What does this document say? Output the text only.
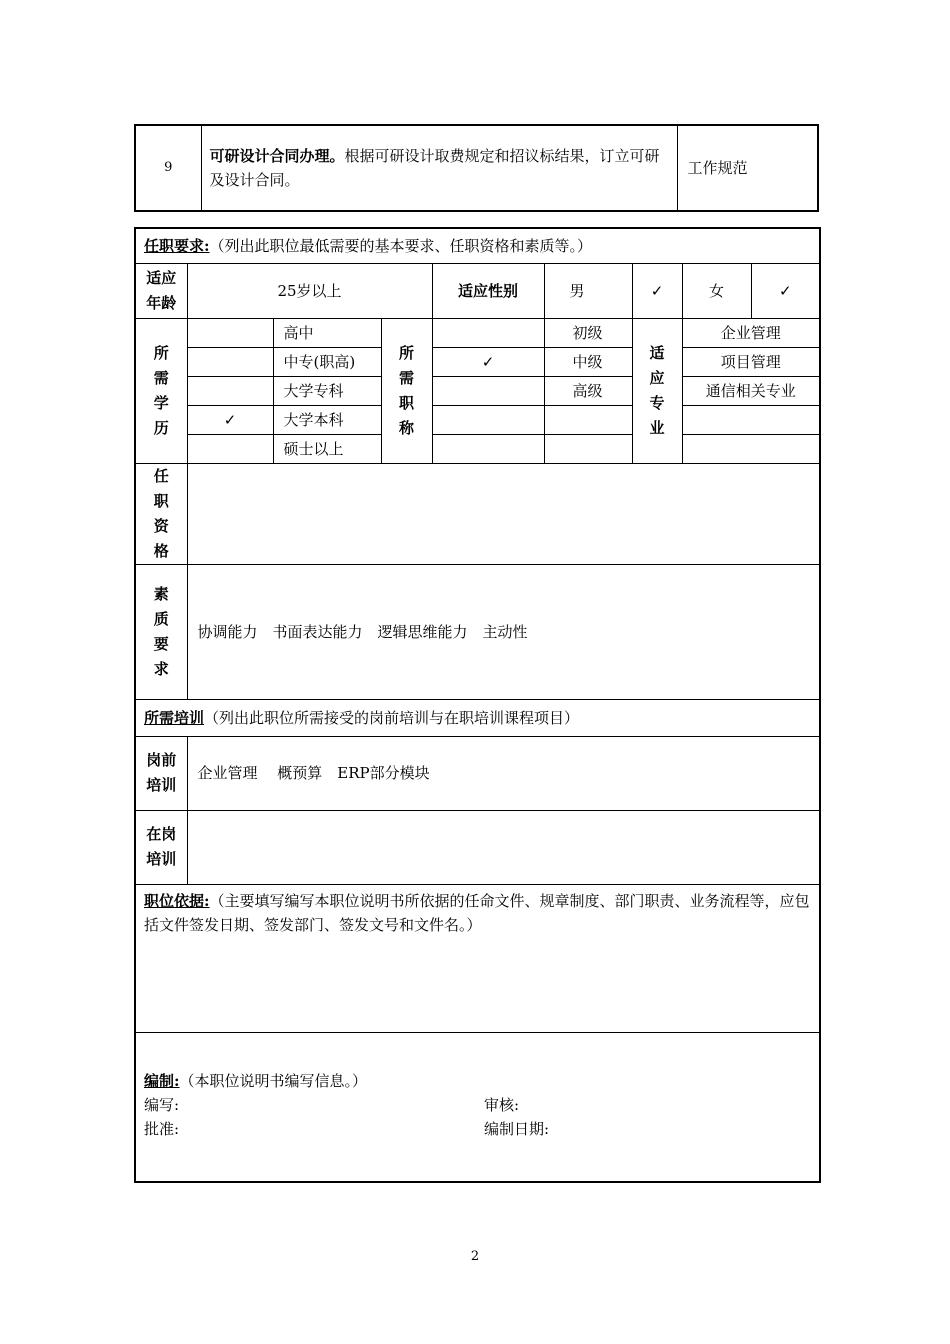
9	可研设计合同办理。根据可研设计取费规定和招议标结果，订立可研及设计合同。	工作规范
任职要求:（列出此职位最低需要的基本要求、任职资格和素质等。）								
适应年龄	25岁以上			适应性别	男	✓	女	✓

所需学历		高中	所需职称		初级	适应专业	企业管理	
		中专(职高)		✓	中级		项目管理	
		大学专科			高级		通信相关专业	
	✓	大学本科						
		硕士以上						

任职资格								

素质要求	协调能力　书面表达能力　逻辑思维能力　主动性							
所需培训（列出此职位所需接受的岗前培训与在职培训课程项目）								

岗前培训	企业管理　 概预算　ERP部分模块							

在岗培训								

职位依据:（主要填写编写本职位说明书所依据的任命文件、规章制度、部门职责、业务流程等，应包括文件签发日期、签发部门、签发文号和文件名。）								

编制:（本职位说明书编写信息。）
编写: 审核:
批准: 编制日期:								
2
